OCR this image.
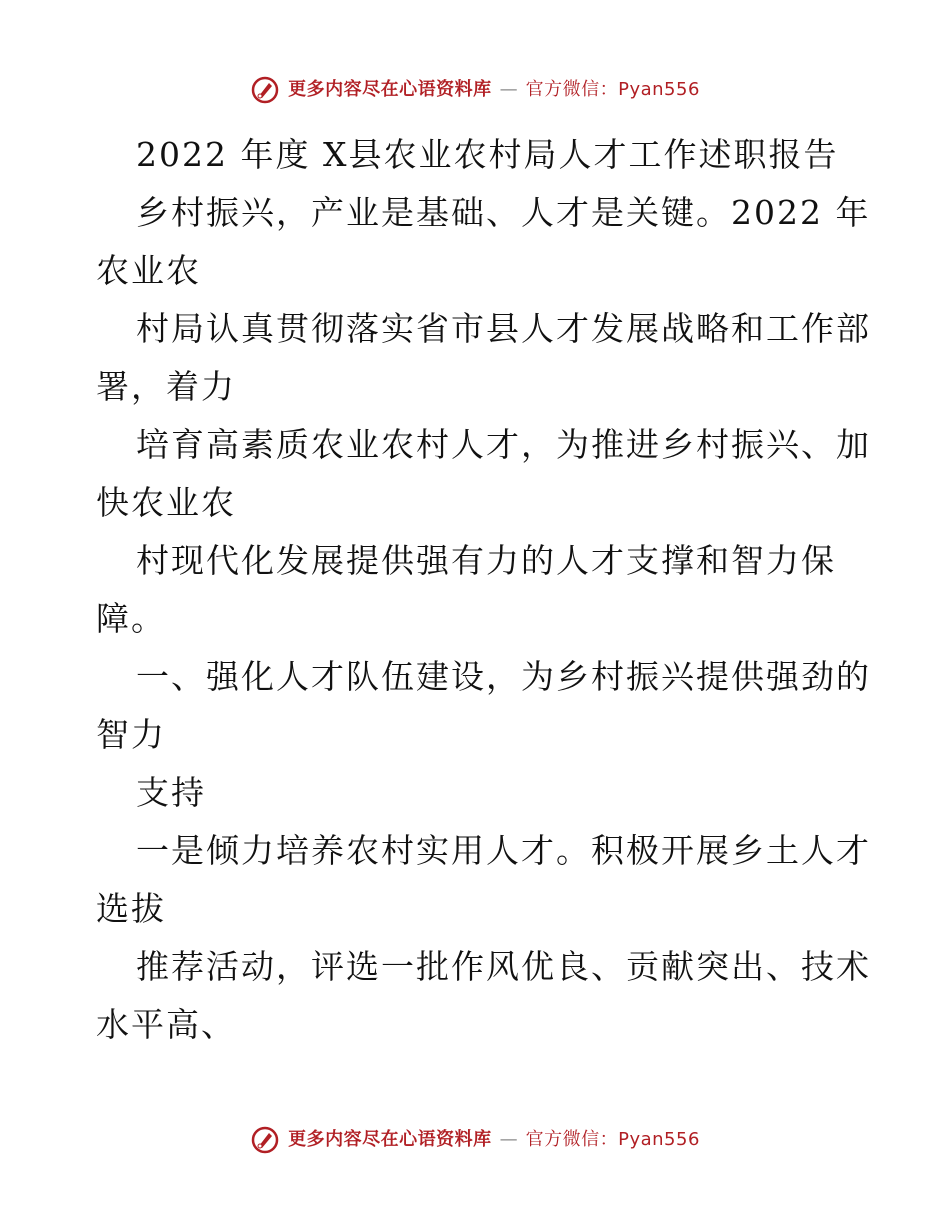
更多内容尽在心语资料库 — 官方微信：Pyan556
2022 年度 X县农业农村局人才工作述职报告
乡村振兴，产业是基础、人才是关键。2022 年
农业农
村局认真贯彻落实省市县人才发展战略和工作部
署，着力
培育高素质农业农村人才，为推进乡村振兴、加
快农业农
村现代化发展提供强有力的人才支撑和智力保
障。
一、强化人才队伍建设，为乡村振兴提供强劲的
智力
支持
一是倾力培养农村实用人才。积极开展乡土人才
选拔
推荐活动，评选一批作风优良、贡献突出、技术
水平高、
更多内容尽在心语资料库 — 官方微信：Pyan556
